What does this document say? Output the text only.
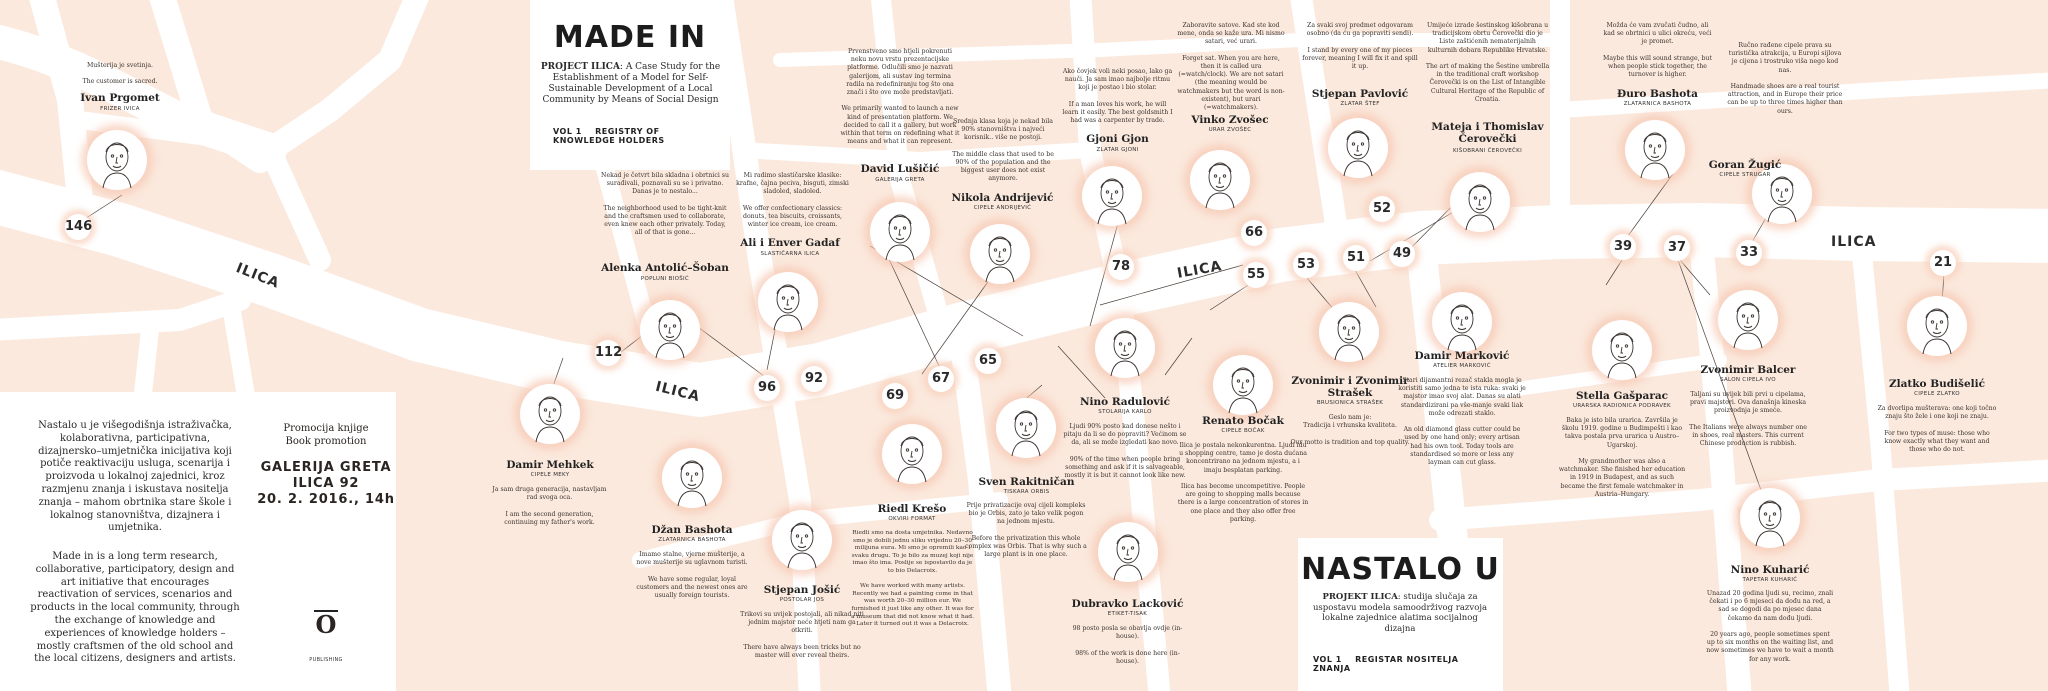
ILICA
ILICA
ILICA
ILICA
146
112
96
92
69
67
65
78
66
55
53	51
52
49	39	37	33
21
MADE IN
PROJECT ILICA: A Case Study for the Establishment of a Model for Self-Sustainable Development of a Local Community by Means of Social Design
VOL 1 REGISTRY OF KNOWLEDGE HOLDERS
NASTALO U
PROJEKT ILICA: studija slučaja za uspostavu modela samoodrživog razvoja lokalne zajednice alatima socijalnog dizajna
VOL 1 REGISTAR NOSITELJA ZNANJA
Nastalo u je višegodišnja istraživačka, kolaborativna, participativna, dizajnersko–umjetnička inicijativa koji potiče reaktivaciju usluga, scenarija i proizvoda u lokalnoj zajednici, kroz razmjenu znanja i iskustava nositelja znanja – mahom obrtnika stare škole i lokalnog stanovništva, dizajnera i umjetnika.
Made in is a long term research, collaborative, participatory, design and art initiative that encourages reactivation of services, scenarios and products in the local community, through the exchange of knowledge and experiences of knowledge holders – mostly craftsmen of the old school and the local citizens, designers and artists.
Promocija knjige
Book promotion
GALERIJA GRETA
ILICA 92
20. 2. 2016., 14h
O
PUBLISHING
Mušterija je svetinja.

The customer is sacred.
Ivan Prgomet
FRIZER IVICA
Nekad je četvrt bila skladna i obrtnici su surađivali, poznavali su se i privatno. Danas je to nestalo...

The neighborhood used to be tight-knit and the craftsmen used to collaborate, even knew each other privately. Today, all of that is gone...
Alenka Antolić–Šoban
POPLUNI BIOŠIĆ
Mi radimo slastičarske klasike: krafne, čajna peciva, bisguti, zimski sladoled, sladoled.

We offer confectionary classics: donuts, tea biscuits, croissants, winter ice cream, ice cream.
Ali i Enver Gadaf
SLASTIČARNA ILICA
Prvenstveno smo htjeli pokrenuti neku novu vrstu prezentacijske platforme. Odlučili smo je nazvati galerijom, ali sustav ing termina radila na redefiniranju tog što ona znači i što ove može predstavljati.

We primarily wanted to launch a new kind of presentation platform. We decided to call it a gallery, but work within that term on redefining what it means and what it can represent.
David Lušičić
GALERIJA GRETA
Srednja klasa koja je nekad bila 90% stanovništva i najveći korisnik.. više ne postoji.

The middle class that used to be 90% of the population and the biggest user does not exist anymore.
Nikola Andrijević
CIPELE ANDRIJEVIĆ
Ako čovjek voli neki posao, lako ga nauči. Ja sam imao najbolje ritmu koji je postao i bio stolar.

If a man loves his work, he will learn it easily. The best goldsmith I had was a carpenter by trade.
Gjoni Gjon
ZLATAR GJONI
Zaboravite satove. Kad ste kod mene, onda se kaže ura. Mi nismo satari, već urari.

Forget sat. When you are here, then it is called ura (=watch/clock). We are not satari (the meaning would be watchmakers but the word is non-existent), but urari (=watchmakers).
Vinko Zvošec
URAR ZVOŠEC
Za svaki svoj predmet odgovaram osobno (da ću ga popraviti sendi).

I stand by every one of my pieces forever, meaning I will fix it and spill it up.
Stjepan Pavlović
ZLATAR ŠTEF
Umijeće izrade šestinskog kišobrana u tradicijskom obrtu Čerovečki dio je Liste zaštićenih nematerijalnih kulturnih dobara Republike Hrvatske.

The art of making the Šestine umbrella in the traditional craft workshop Čerovečki is on the List of Intangible Cultural Heritage of the Republic of Croatia.
Mateja i Thomislav Čerovečki
KIŠOBRANI ČEROVEČKI
Možda će vam zvučati čudno, ali kad se obrtnici u ulici okreću, veći je promet.

Maybe this will sound strange, but when people stick together, the turnover is higher.
Đuro Bashota
ZLATARNICA BASHOTA
Ručno rađene cipele prava su turistička atrakcija, u Europi sijlova je cijena i trostruko viša nego kod nas.

Handmade shoes are a real tourist attraction, and in Europe their price can be up to three times higher than ours.
Damir Mehkek
CIPELE MEKY
Ja sam druga generacija, nastavljam rad svoga oca.

I am the second generation, continuing my father's work.
Džan Bashota
ZLATARNICA BASHOTA
Imamo stalne, vjerne mušterije, a nove mušterije su uglavnom turisti.

We have some regular, loyal customers and the newest ones are usually foreign tourists.	Stjepan Jošić
POSTOLAR JOS
Trikovi su uvijek postojali, ali nikad niti jednim majstor neće htjeti nam ga otkriti.

There have always been tricks but no master will ever reveal theirs.
Riedl Krešo
OKVIRI FORMAT
Riedli smo na dosta umjetnika. Nedavno smo je dobili jednu sliku vrijednu 20–30 milijuna eura. Mi smo je opremili kao i svaku drugu. To je bilo za muzej koji nije imao što ima. Poslije se ispostavilo da je to bio Delacroix.

We have worked with many artists. Recently we had a painting come in that was worth 20–30 million eur. We furnished it just like any other. It was for a museum that did not know what it had. Later it turned out it was a Delacroix.
Sven Rakitničan
TISKARA ORBIS
Prije privatizacije ovaj cijeli kompleks bio je Orbis, zato je tako velik pogon na jednom mjestu.

Before the privatization this whole complex was Orbis. That is why such a large plant is in one place.
Nino Radulović
STOLARIJA KARLO
Ljudi 90% posto kad donese nešto i pitaju da li se do popraviti? Većinom se da, ali se može izgledati kao novo.

90% of the time when people bring something and ask if it is salvageable, mostly it is but it cannot look like new.
Dubravko Lacković
ETIKET-TISAK
98 posto posla se obavlja ovdje (in-house).

98% of the work is done here (in-house).
Renato Bočak
CIPELE BOČAK
Ilica je postala nekonkurentna. Ljudi idu u shopping centre, tamo je dosta dućana koncentrirano na jednom mjestu, a i imaju besplatan parking.

Ilica has become uncompetitive. People are going to shopping malls because there is a large concentration of stores in one place and they also offer free parking.
Zvonimir i Zvonimir Strašek
BRUSIONICA STRAŠEK
Geslo nam je:
Tradicija i vrhunska kvaliteta.

Our motto is tradition and top quality.
Damir Marković
ATELIER MARKOVIĆ
Stari dijamantni rezač stakla mogla je koristiti samo jedna te ista ruka: svaki je majstor imao svoj alat. Danas su alati standardizirani pa vše-manje svaki liak može odrezati staklo.

An old diamond glass cutter could be used by one hand only; every artisan had his own tool. Today tools are standardised so more or less any layman can cut glass.
Stella Gašparac
URARSKA RADIONICA PODRAVEK
Baka je isto bila urarica. Završila je školu 1919. godine u Budimpešti i kao takva postala prva urarica u Austro–Ugarskoj.

My grandmother was also a watchmaker. She finished her education in 1919 in Budapest, and as such became the first female watchmaker in Austria–Hungary.
Zvonimir Balcer
SALON CIPELA IVO
Taljani su uvijek bili prvi u cipelama, pravi majstori. Ova današnja kineska proizvodnja je smeće.

The Italians were always number one in shoes, real masters. This current Chinese production is rubbish.
Zlatko Budišelić
CIPELE ZLATKO
Za dvorlipa mušterava: one koji točno znaju što žele i one koji ne znaju.

For two types of muse: those who know exactly what they want and those who do not.
Nino Kuharić
TAPETAR KUHARIĆ
Unazad 20 godina ljudi su, recimo, znali čekati i po 6 mjeseci da dođu na red, a sad se dogodi da po mjesec dana čekamo da nam dođu ljudi.

20 years ago, people sometimes spent up to six months on the waiting list, and now sometimes we have to wait a month for any work.
Goran Žugić
CIPELE STRUGAR
